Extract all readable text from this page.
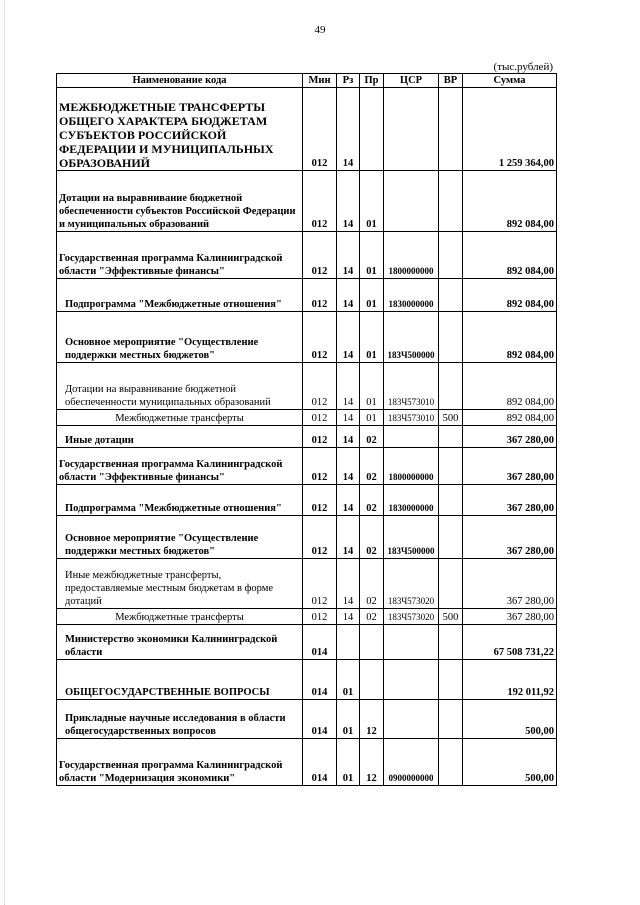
49
(тыс.рублей)
Наименование кода	Мин	Рз	Пр	ЦСР	ВР	Сумма
МЕЖБЮДЖЕТНЫЕ ТРАНСФЕРТЫ ОБЩЕГО ХАРАКТЕРА БЮДЖЕТАМ СУБЪЕКТОВ РОССИЙСКОЙ ФЕДЕРАЦИИ И МУНИЦИПАЛЬНЫХ ОБРАЗОВАНИЙ	012	14				1 259 364,00
Дотации на выравнивание бюджетной обеспеченности субъектов Российской Федерации и муниципальных образований	012	14	01			892 084,00
Государственная программа Калининградской области "Эффективные финансы"	012	14	01	1800000000		892 084,00
Подпрограмма "Межбюджетные отношения"	012	14	01	1830000000		892 084,00
Основное мероприятие "Осуществление поддержки местных бюджетов"	012	14	01	183Ч500000		892 084,00
Дотации на выравнивание бюджетной обеспеченности муниципальных образований	012	14	01	183Ч573010		892 084,00
Межбюджетные трансферты	012	14	01	183Ч573010	500	892 084,00
Иные дотации	012	14	02			367 280,00
Государственная программа Калининградской области "Эффективные финансы"	012	14	02	1800000000		367 280,00
Подпрограмма "Межбюджетные отношения"	012	14	02	1830000000		367 280,00
Основное мероприятие "Осуществление поддержки местных бюджетов"	012	14	02	183Ч500000		367 280,00
Иные межбюджетные трансферты, предоставляемые местным бюджетам в форме дотаций	012	14	02	183Ч573020		367 280,00
Межбюджетные трансферты	012	14	02	183Ч573020	500	367 280,00
Министерство экономики Калининградской области	014					67 508 731,22
ОБЩЕГОСУДАРСТВЕННЫЕ ВОПРОСЫ	014	01				192 011,92
Прикладные научные исследования в области общегосударственных вопросов	014	01	12			500,00
Государственная программа Калининградской области "Модернизация экономики"	014	01	12	0900000000		500,00
